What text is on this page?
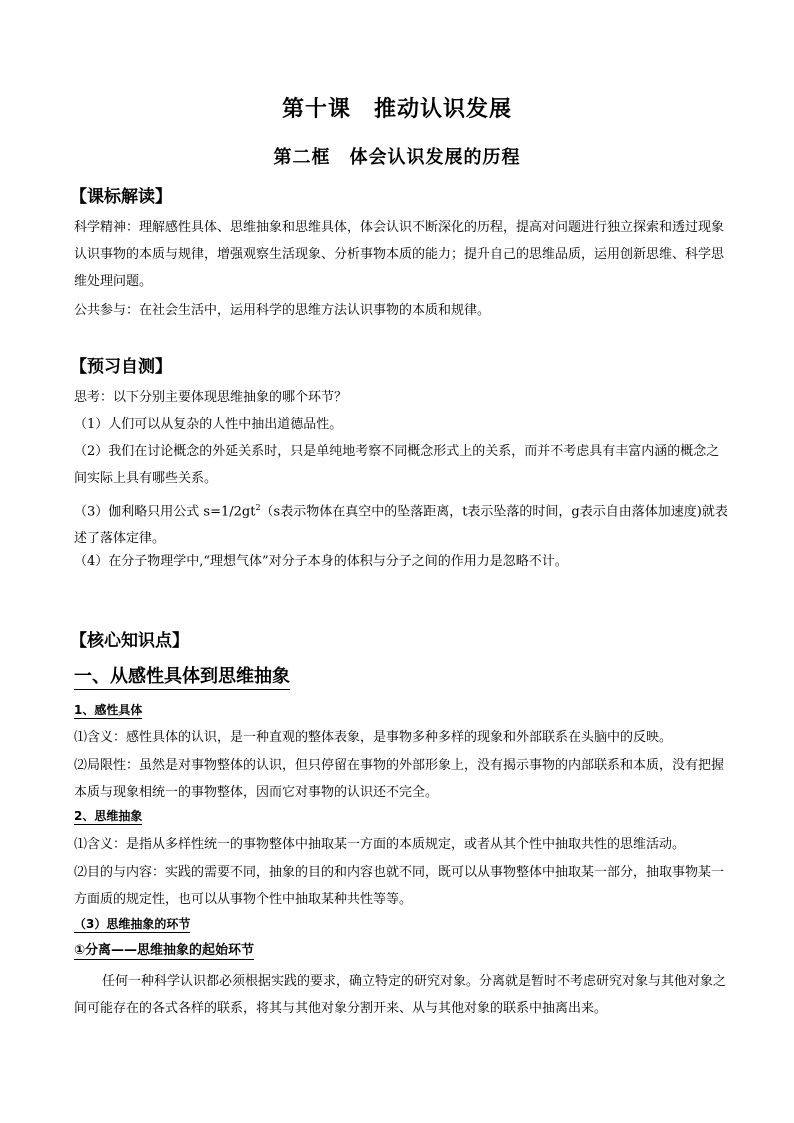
第十课　推动认识发展
第二框　体会认识发展的历程
【课标解读】
科学精神：理解感性具体、思维抽象和思维具体，体会认识不断深化的历程，提高对问题进行独立探索和透过现象认识事物的本质与规律，增强观察生活现象、分析事物本质的能力；提升自己的思维品质，运用创新思维、科学思维处理问题。
公共参与：在社会生活中，运用科学的思维方法认识事物的本质和规律。
【预习自测】
思考：以下分别主要体现思维抽象的哪个环节？
（1）人们可以从复杂的人性中抽出道德品性。
（2）我们在讨论概念的外延关系时，只是单纯地考察不同概念形式上的关系，而并不考虑具有丰富内涵的概念之间实际上具有哪些关系。
（3）伽利略只用公式 $s=1/2gt^2(s$表示物体在真空中的坠落距离，t表示坠落的时间，g表示自由落体加速度)就表述了落体定律。
（4）在分子物理学中,“理想气体”对分子本身的体积与分子之间的作用力是忽略不计。
【核心知识点】
一、从感性具体到思维抽象
1、感性具体
⑴含义：感性具体的认识，是一种直观的整体表象，是事物多种多样的现象和外部联系在头脑中的反映。
⑵局限性：虽然是对事物整体的认识，但只停留在事物的外部形象上，没有揭示事物的内部联系和本质，没有把握本质与现象相统一的事物整体，因而它对事物的认识还不完全。
2、思维抽象
⑴含义：是指从多样性统一的事物整体中抽取某一方面的本质规定，或者从其个性中抽取共性的思维活动。
⑵目的与内容：实践的需要不同，抽象的目的和内容也就不同，既可以从事物整体中抽取某一部分，抽取事物某一方面质的规定性，也可以从事物个性中抽取某种共性等等。
（3）思维抽象的环节
①分离——思维抽象的起始环节
任何一种科学认识都必须根据实践的要求，确立特定的研究对象。分离就是暂时不考虑研究对象与其他对象之间可能存在的各式各样的联系，将其与其他对象分割开来、从与其他对象的联系中抽离出来。
